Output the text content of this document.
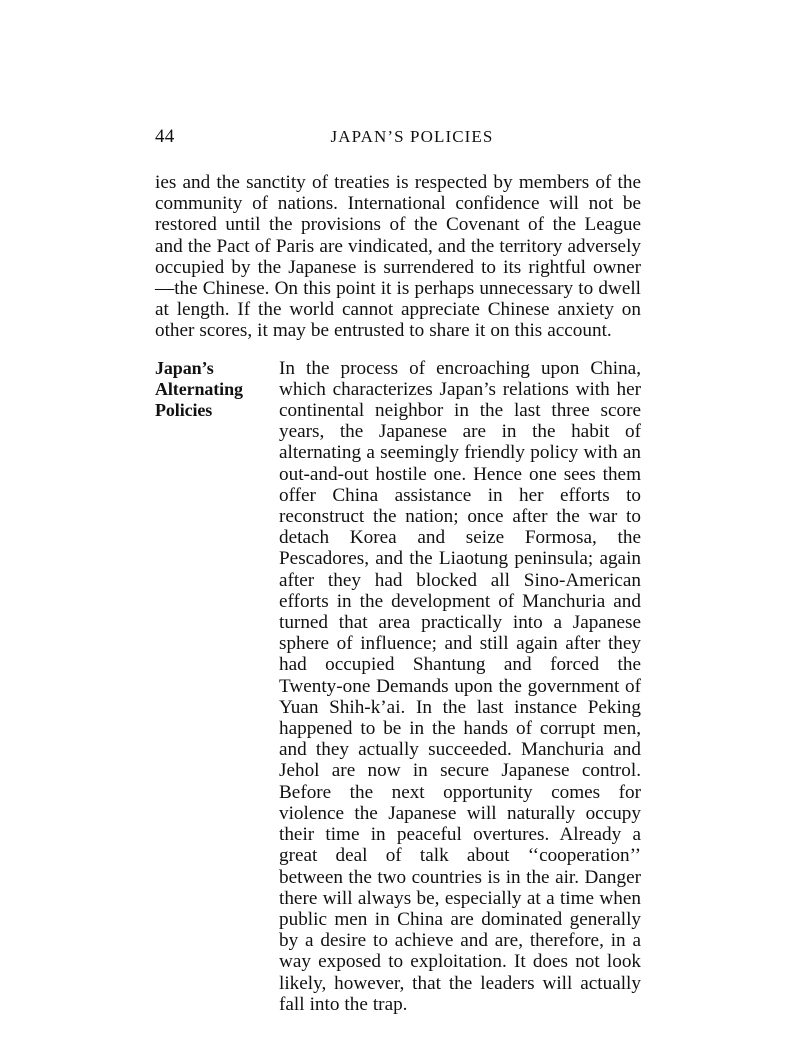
44	JAPAN’S POLICIES

ies and the sanctity of treaties is respected by members of the community of nations. International confidence will not be restored until the provisions of the Covenant of the League and the Pact of Paris are vindicated, and the territory adversely occupied by the Japanese is surrendered to its rightful owner—the Chinese. On this point it is perhaps unnecessary to dwell at length. If the world cannot appreciate Chinese anxiety on other scores, it may be entrusted to share it on this account.

Japan’s
Alternating
Policies

In the process of encroaching upon China, which characterizes Japan’s relations with her continental neighbor in the last three score years, the Japanese are in the habit of alternating a seemingly friendly policy with an out-and-out hostile one. Hence one sees them offer China assistance in her efforts to reconstruct the nation; once after the war to detach Korea and seize Formosa, the Pescadores, and the Liaotung peninsula; again after they had blocked all Sino-American efforts in the development of Manchuria and turned that area practically into a Japanese sphere of influence; and still again after they had occupied Shantung and forced the Twenty-one Demands upon the government of Yuan Shih-k’ai. In the last instance Peking happened to be in the hands of corrupt men, and they actually succeeded. Manchuria and Jehol are now in secure Japanese control. Before the next opportunity comes for violence the Japanese will naturally occupy their time in peaceful overtures. Already a great deal of talk about ‘‘cooperation’’ between the two countries is in the air. Danger there will always be, especially at a time when public men in China are dominated generally by a desire to achieve and are, therefore, in a way exposed to exploitation. It does not look likely, however, that the leaders will actually fall into the trap.
